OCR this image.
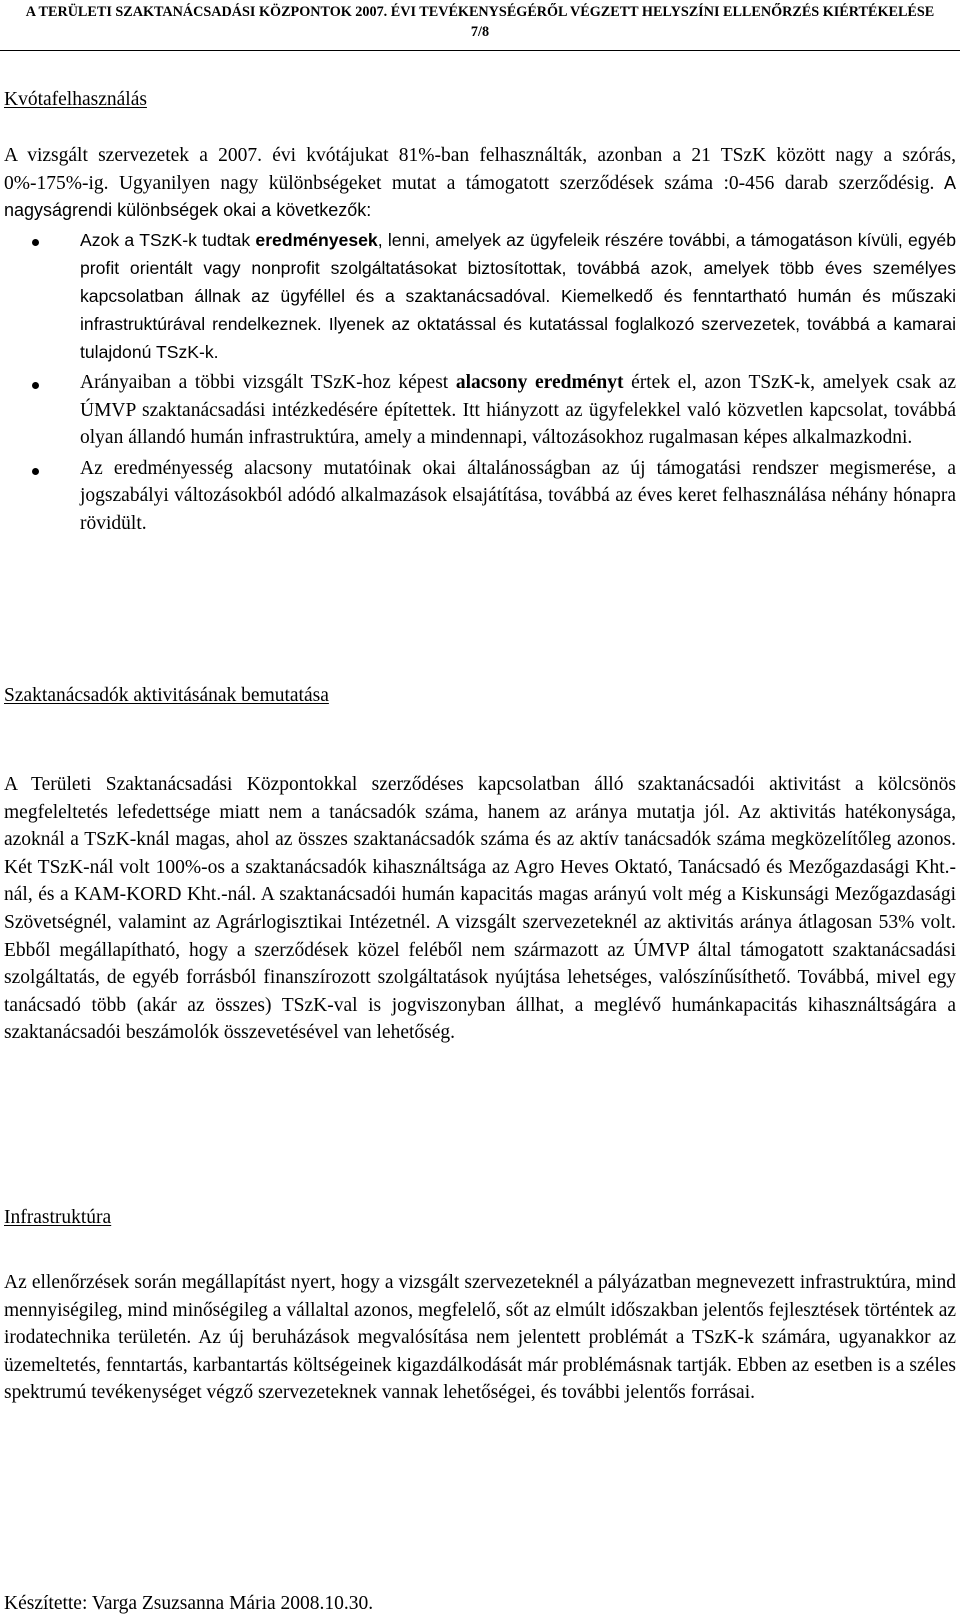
A TERÜLETI SZAKTANÁCSADÁSI KÖZPONTOK 2007. ÉVI TEVÉKENYSÉGÉRŐL VÉGZETT HELYSZÍNI ELLENŐRZÉS KIÉRTÉKELÉSE
7/8
Kvótafelhasználás
A vizsgált szervezetek a 2007. évi kvótájukat 81%-ban felhasználták, azonban a 21 TSzK között nagy a szórás, 0%-175%-ig. Ugyanilyen nagy különbségeket mutat a támogatott szerződések száma :0-456 darab szerződésig. A nagyságrendi különbségek okai a következők:
Azok a TSzK-k tudtak eredményesek, lenni, amelyek az ügyfeleik részére további, a támogatáson kívüli, egyéb profit orientált vagy nonprofit szolgáltatásokat biztosítottak, továbbá azok, amelyek több éves személyes kapcsolatban állnak az ügyféllel és a szaktanácsadóval. Kiemelkedő és fenntartható humán és műszaki infrastruktúrával rendelkeznek. Ilyenek az oktatással és kutatással foglalkozó szervezetek, továbbá a kamarai tulajdonú TSzK-k.
Arányaiban a többi vizsgált TSzK-hoz képest alacsony eredményt értek el, azon TSzK-k, amelyek csak az ÚMVP szaktanácsadási intézkedésére építettek. Itt hiányzott az ügyfelekkel való közvetlen kapcsolat, továbbá olyan állandó humán infrastruktúra, amely a mindennapi, változásokhoz rugalmasan képes alkalmazkodni.
Az eredményesség alacsony mutatóinak okai általánosságban az új támogatási rendszer megismerése, a jogszabályi változásokból adódó alkalmazások elsajátítása, továbbá az éves keret felhasználása néhány hónapra rövidült.
Szaktanácsadók aktivitásának bemutatása
A Területi Szaktanácsadási Központokkal szerződéses kapcsolatban álló szaktanácsadói aktivitást a kölcsönös megfeleltetés lefedettsége miatt nem a tanácsadók száma, hanem az aránya mutatja jól. Az aktivitás hatékonysága, azoknál a TSzK-knál magas, ahol az összes szaktanácsadók száma és az aktív tanácsadók száma megközelítőleg azonos. Két TSzK-nál volt 100%-os a szaktanácsadók kihasználtsága az Agro Heves Oktató, Tanácsadó és Mezőgazdasági Kht.-nál, és a KAM-KORD Kht.-nál. A szaktanácsadói humán kapacitás magas arányú volt még a Kiskunsági Mezőgazdasági Szövetségnél, valamint az Agrárlogisztikai Intézetnél. A vizsgált szervezeteknél az aktivitás aránya átlagosan 53% volt. Ebből megállapítható, hogy a szerződések közel feléből nem származott az ÚMVP által támogatott szaktanácsadási szolgáltatás, de egyéb forrásból finanszírozott szolgáltatások nyújtása lehetséges, valószínűsíthető. Továbbá, mivel egy tanácsadó több (akár az összes) TSzK-val is jogviszonyban állhat, a meglévő humánkapacitás kihasználtságára a szaktanácsadói beszámolók összevetésével van lehetőség.
Infrastruktúra
Az ellenőrzések során megállapítást nyert, hogy a vizsgált szervezeteknél a pályázatban megnevezett infrastruktúra, mind mennyiségileg, mind minőségileg a vállaltal azonos, megfelelő, sőt az elmúlt időszakban jelentős fejlesztések történtek az irodatechnika területén. Az új beruházások megvalósítása nem jelentett problémát a TSzK-k számára, ugyanakkor az üzemeltetés, fenntartás, karbantartás költségeinek kigazdálkodását már problémásnak tartják. Ebben az esetben is a széles spektrumú tevékenységet végző szervezeteknek vannak lehetőségei, és további jelentős forrásai.
Készítette: Varga Zsuzsanna Mária 2008.10.30.
